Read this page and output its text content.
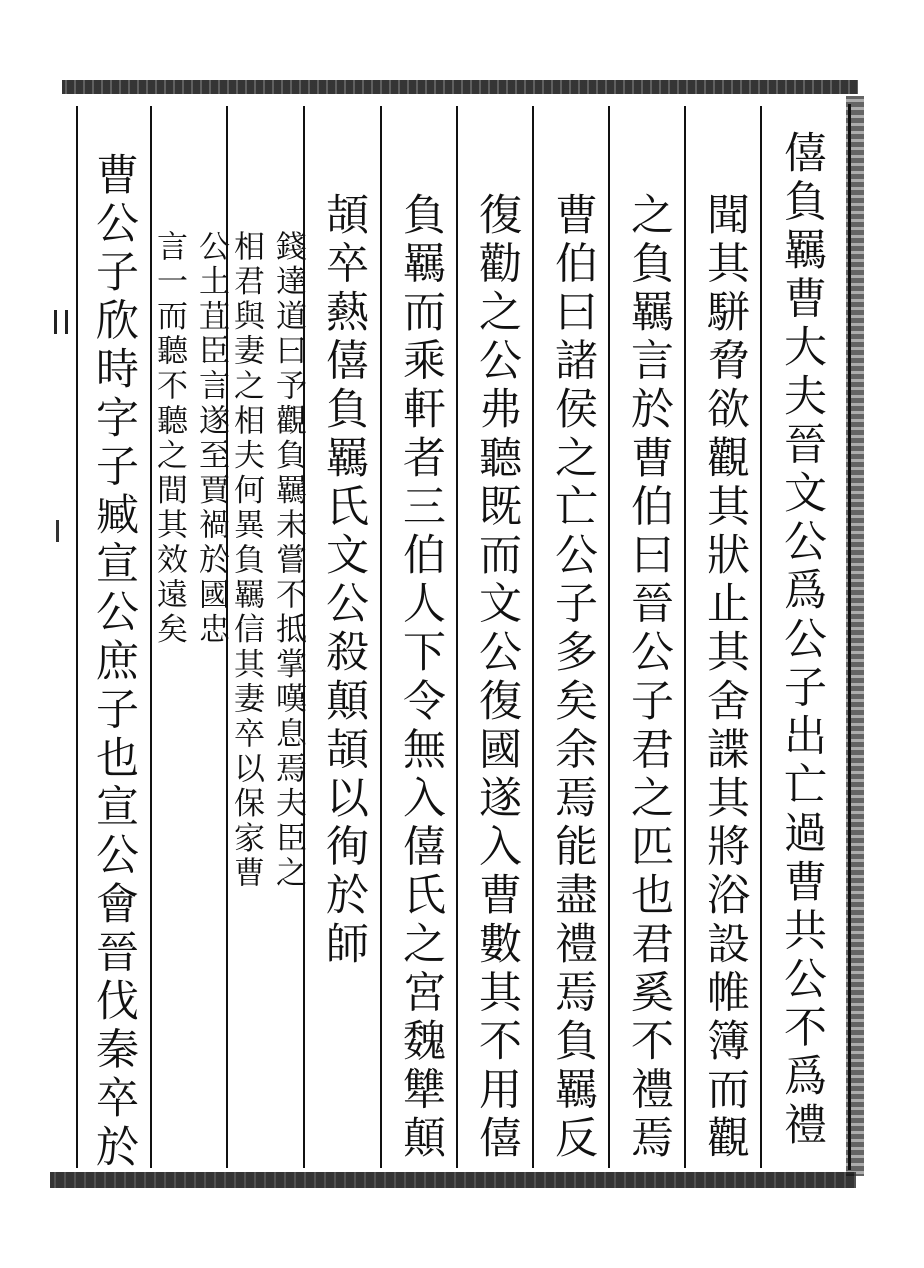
僖負羈曹大夫晉文公爲公子出亡過曹共公不爲禮
聞其駢脅欲觀其狀止其舍諜其將浴設帷簿而觀
之負羈言於曹伯曰晉公子君之匹也君奚不禮焉
曹伯曰諸侯之亡公子多矣余焉能盡禮焉負羈反
復勸之公弗聽既而文公復國遂入曹數其不用僖
負羈而乘軒者三伯人下令無入僖氏之宮魏犨顛
頡卒爇僖負羈氏文公殺顛頡以徇於師
錢達道曰予觀負羈未嘗不抵掌嘆息焉夫臣之
相君與妻之相夫何異負羈信其妻卒以保家曹
公土苴臣言遂至賈禍於國忠
言一而聽不聽之間其效遠矣
曹公子欣時字子臧宣公庶子也宣公會晉伐秦卒於
